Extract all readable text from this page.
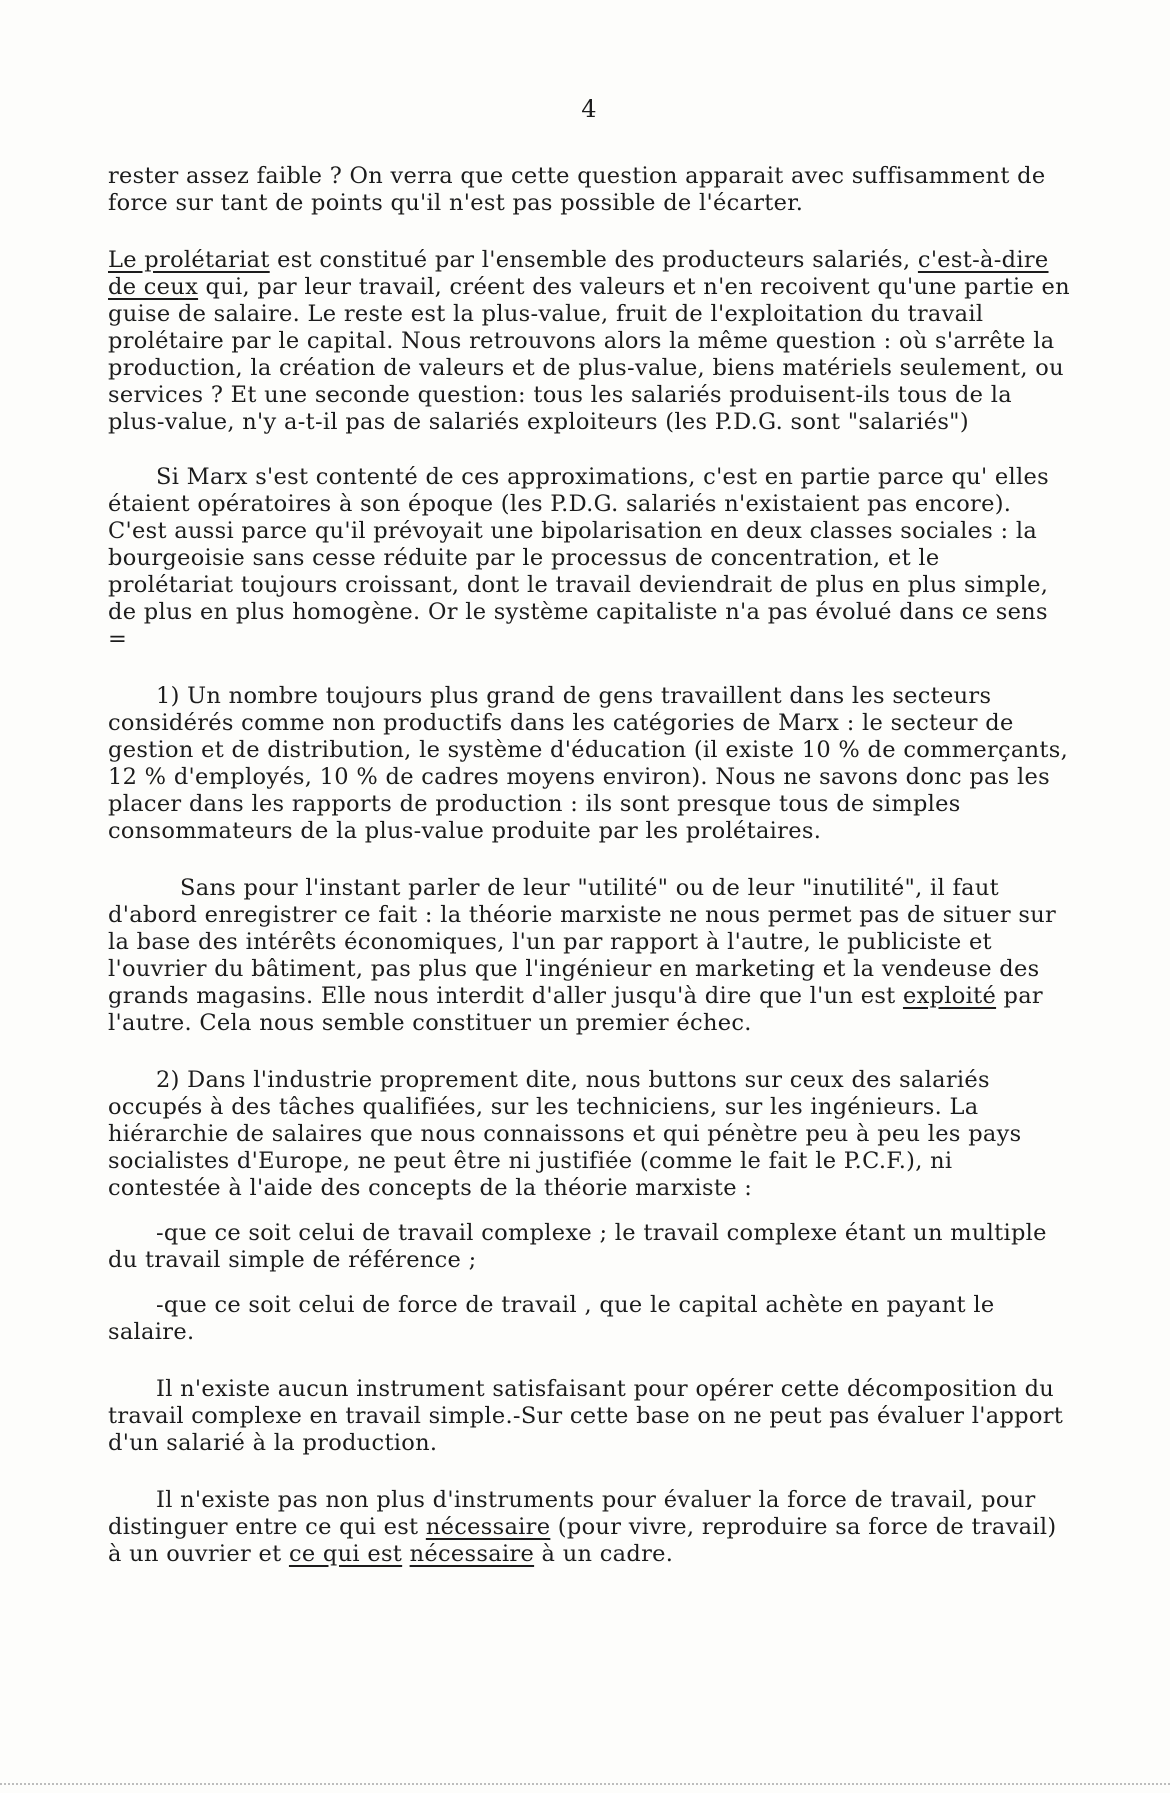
4

rester assez faible ? On verra que cette question apparait avec suffisamment de force sur tant de points qu'il n'est pas possible de l'écarter.

Le prolétariat est constitué par l'ensemble des producteurs salariés, c'est-à-dire de ceux qui, par leur travail, créent des valeurs et n'en recoivent qu'une partie en guise de salaire. Le reste est la plus-value, fruit de l'exploitation du travail prolétaire par le capital. Nous retrouvons alors la même question : où s'arrête la production, la création de valeurs et de plus-value, biens matériels seulement, ou services ? Et une seconde question: tous les salariés produisent-ils tous de la plus-value, n'y a-t-il pas de salariés exploiteurs (les P.D.G. sont "salariés")

Si Marx s'est contenté de ces approximations, c'est en partie parce qu' elles étaient opératoires à son époque (les P.D.G. salariés n'existaient pas encore). C'est aussi parce qu'il prévoyait une bipolarisation en deux classes sociales : la bourgeoisie sans cesse réduite par le processus de concentration, et le prolétariat toujours croissant, dont le travail deviendrait de plus en plus simple, de plus en plus homogène. Or le système capitaliste n'a pas évolué dans ce sens =

1) Un nombre toujours plus grand de gens travaillent dans les secteurs considérés comme non productifs dans les catégories de Marx : le secteur de gestion et de distribution, le système d'éducation (il existe 10 % de commerçants, 12 % d'employés, 10 % de cadres moyens environ). Nous ne savons donc pas les placer dans les rapports de production : ils sont presque tous de simples consommateurs de la plus-value produite par les prolétaires.

Sans pour l'instant parler de leur "utilité" ou de leur "inutilité", il faut d'abord enregistrer ce fait : la théorie marxiste ne nous permet pas de situer sur la base des intérêts économiques, l'un par rapport à l'autre, le publiciste et l'ouvrier du bâtiment, pas plus que l'ingénieur en marketing et la vendeuse des grands magasins. Elle nous interdit d'aller jusqu'à dire que l'un est exploité par l'autre. Cela nous semble constituer un premier échec.

2) Dans l'industrie proprement dite, nous buttons sur ceux des salariés occupés à des tâches qualifiées, sur les techniciens, sur les ingénieurs. La hiérarchie de salaires que nous connaissons et qui pénètre peu à peu les pays socialistes d'Europe, ne peut être ni justifiée (comme le fait le P.C.F.), ni contestée à l'aide des concepts de la théorie marxiste :

-que ce soit celui de travail complexe ; le travail complexe étant un multiple du travail simple de référence ;

-que ce soit celui de force de travail , que le capital achète en payant le salaire.

Il n'existe aucun instrument satisfaisant pour opérer cette décomposition du travail complexe en travail simple.-Sur cette base on ne peut pas évaluer l'apport d'un salarié à la production.

Il n'existe pas non plus d'instruments pour évaluer la force de travail, pour distinguer entre ce qui est nécessaire (pour vivre, reproduire sa force de travail) à un ouvrier et ce qui est nécessaire à un cadre.
